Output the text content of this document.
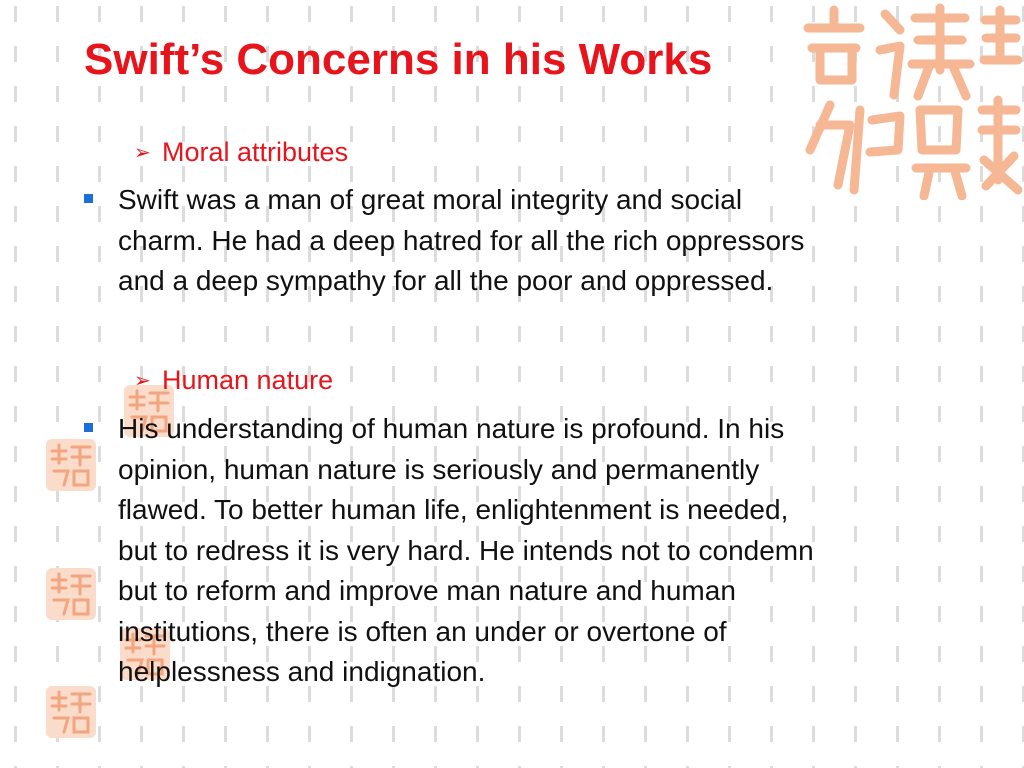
Swift’s Concerns in his Works
➢ Moral attributes
Swift was a man of great moral integrity and social
charm. He had a deep hatred for all the rich oppressors
and a deep sympathy for all the poor and oppressed.
➢ Human nature
His understanding of human nature is profound. In his
opinion, human nature is seriously and permanently
flawed. To better human life, enlightenment is needed,
but to redress it is very hard. He intends not to condemn
but to reform and improve man nature and human
institutions, there is often an under or overtone of
helplessness and indignation.
